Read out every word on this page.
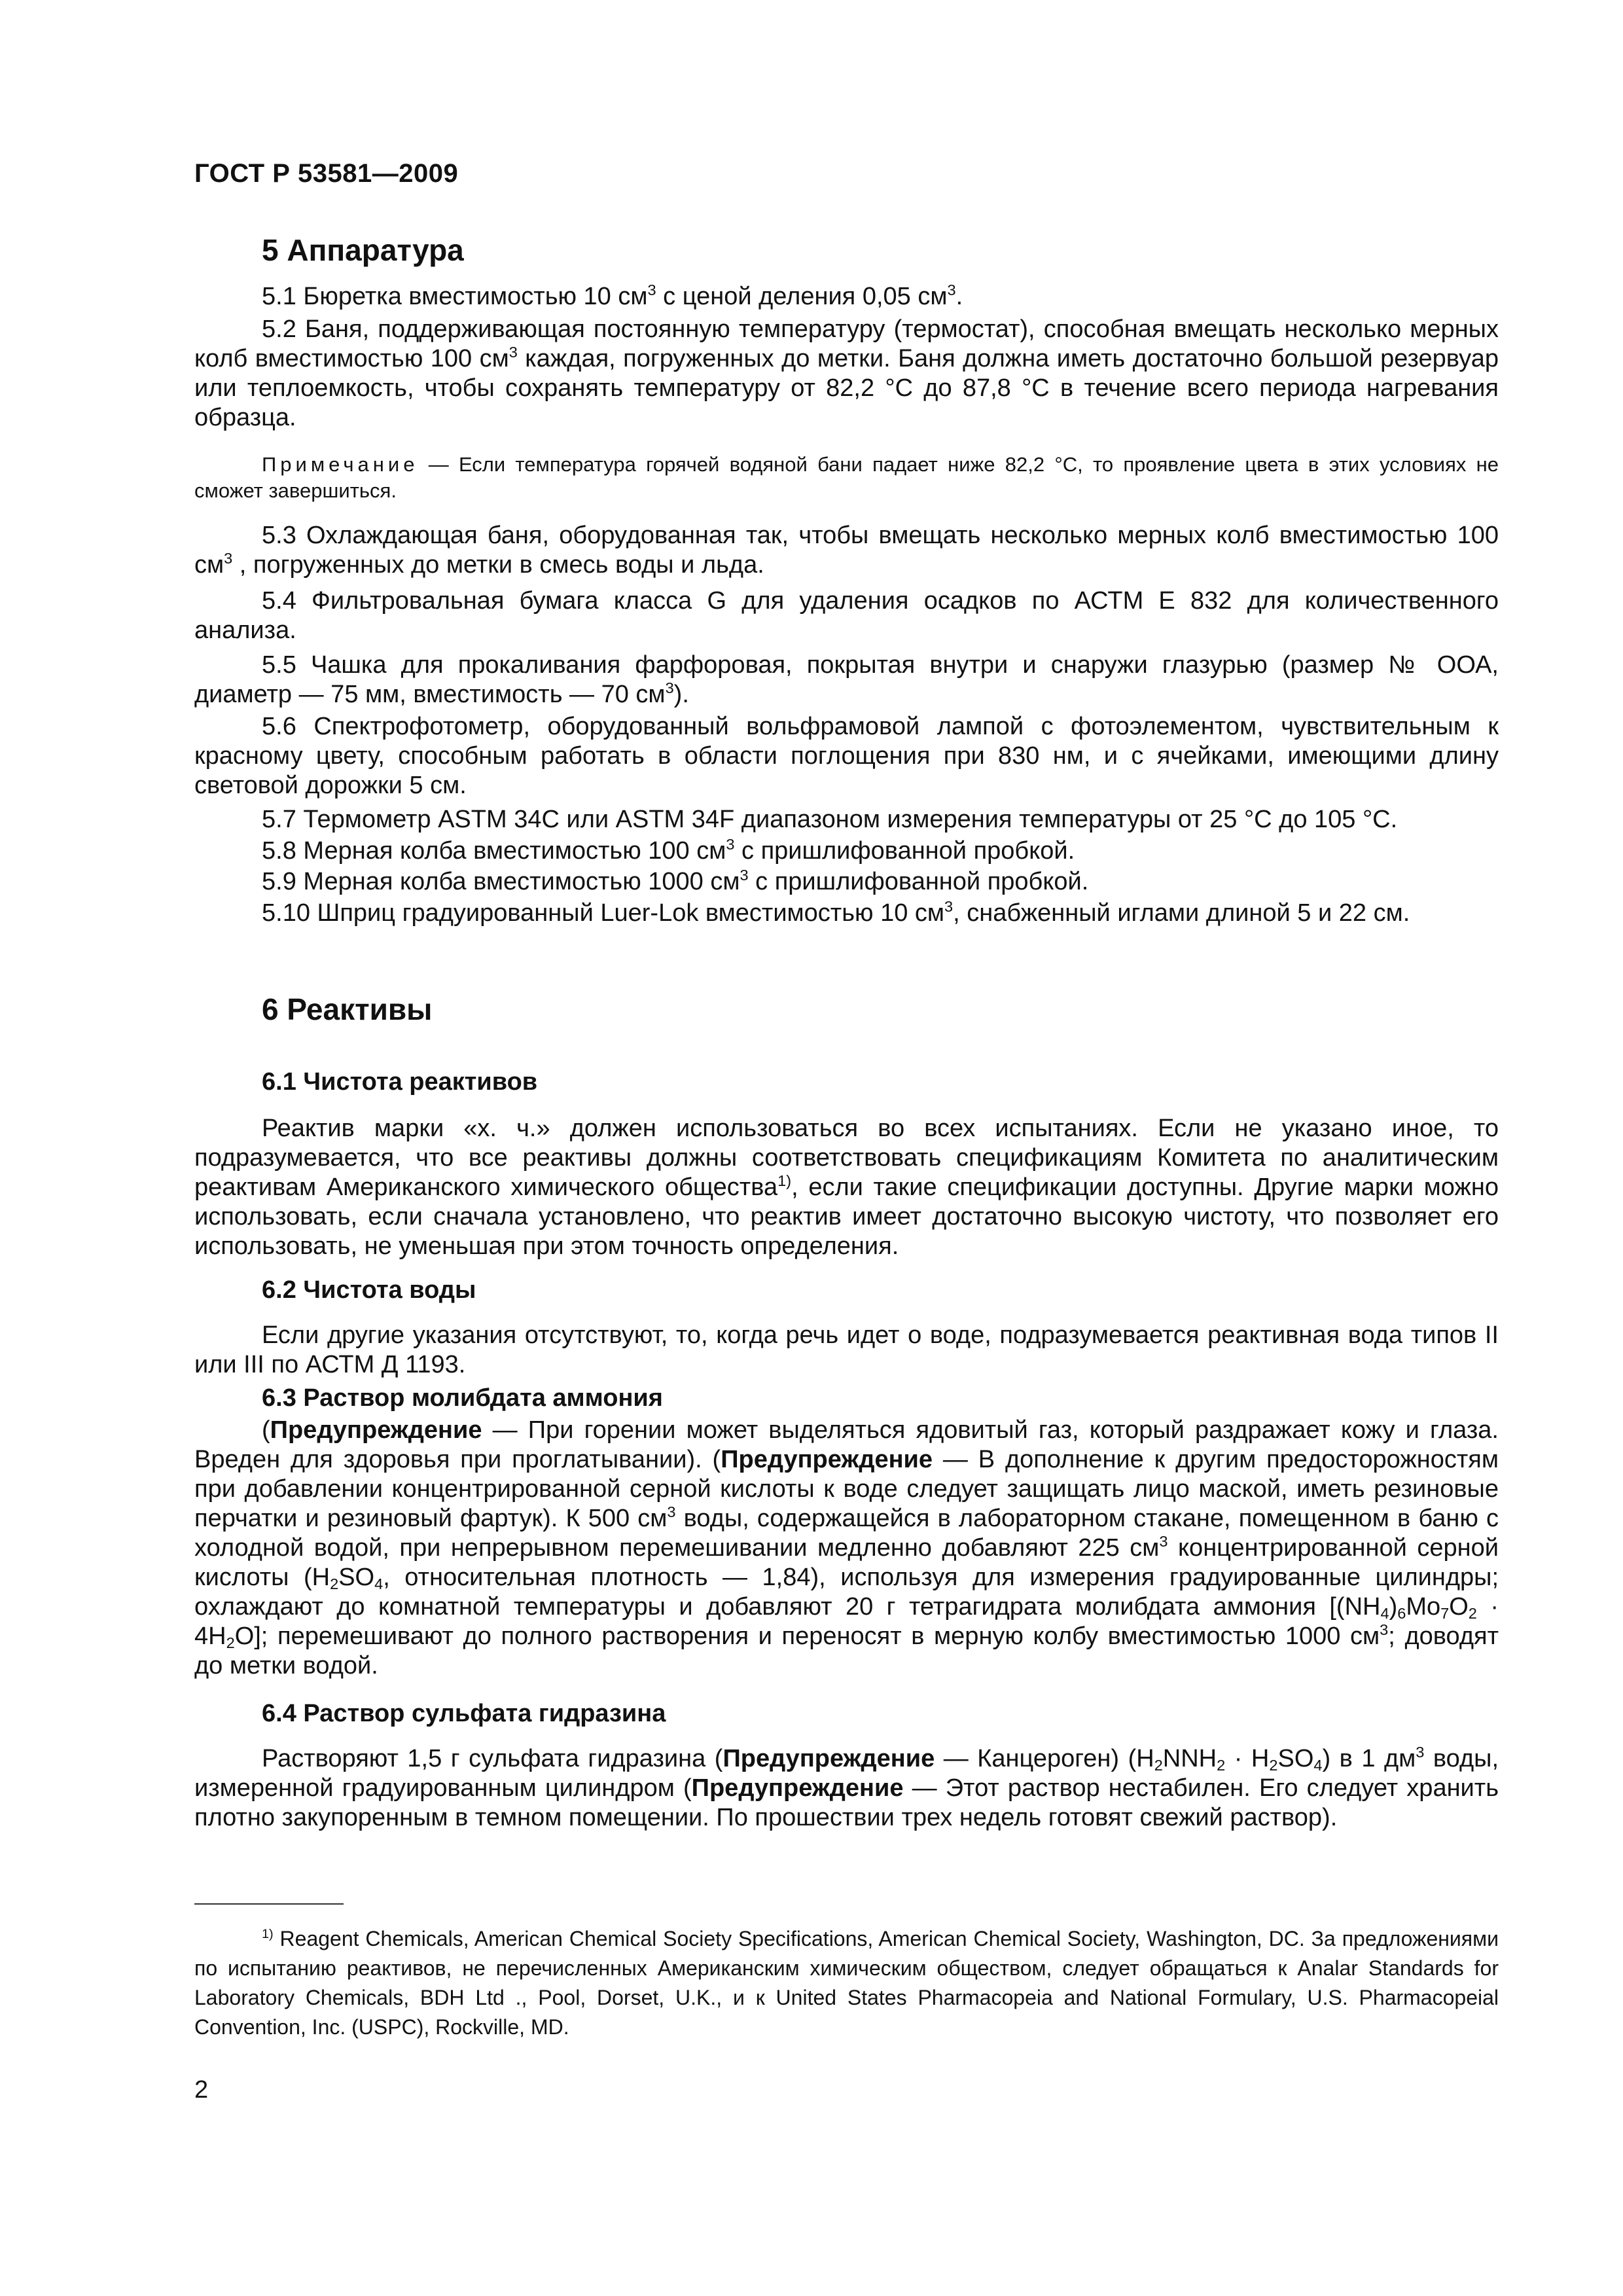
ГОСТ Р 53581—2009
5 Аппаратура
5.1 Бюретка вместимостью 10 $см^3$ с ценой деления 0,05 $см^3$.
5.2 Баня, поддерживающая постоянную температуру (термостат), способная вмещать несколько мерных колб вместимостью 100 $см^3$ каждая, погруженных до метки. Баня должна иметь достаточно большой резервуар или теплоемкость, чтобы сохранять температуру от 82,2 °С до 87,8 °С в течение всего периода нагревания образца.
Примечание — Если температура горячей водяной бани падает ниже 82,2 °С, то проявление цвета в этих условиях не сможет завершиться.
5.3 Охлаждающая баня, оборудованная так, чтобы вмещать несколько мерных колб вместимостью 100 $см^3$ , погруженных до метки в смесь воды и льда.
5.4 Фильтровальная бумага класса G для удаления осадков по АСТМ Е 832 для количественного анализа.
5.5 Чашка для прокаливания фарфоровая, покрытая внутри и снаружи глазурью (размер № ООА, диаметр — 75 мм, вместимость — 70 $см^3$).
5.6 Спектрофотометр, оборудованный вольфрамовой лампой с фотоэлементом, чувствительным к красному цвету, способным работать в области поглощения при 830 нм, и с ячейками, имеющими длину световой дорожки 5 см.
5.7 Термометр ASTM 34C или ASTM 34F диапазоном измерения температуры от 25 °С до 105 °С.
5.8 Мерная колба вместимостью 100 $см^3$ с пришлифованной пробкой.
5.9 Мерная колба вместимостью 1000 $см^3$ с пришлифованной пробкой.
5.10 Шприц градуированный Luer-Lok вместимостью 10 $см^3$, снабженный иглами длиной 5 и 22 см.
6 Реактивы
6.1 Чистота реактивов
Реактив марки «х. ч.» должен использоваться во всех испытаниях. Если не указано иное, то подразумевается, что все реактивы должны соответствовать спецификациям Комитета по аналитическим реактивам Американского химического общества$^{1)}$, если такие спецификации доступны. Другие марки можно использовать, если сначала установлено, что реактив имеет достаточно высокую чистоту, что позволяет его использовать, не уменьшая при этом точность определения.
6.2 Чистота воды
Если другие указания отсутствуют, то, когда речь идет о воде, подразумевается реактивная вода типов II или III по АСТМ Д 1193.
6.3 Раствор молибдата аммония
(Предупреждение — При горении может выделяться ядовитый газ, который раздражает кожу и глаза. Вреден для здоровья при проглатывании). (Предупреждение — В дополнение к другим предосторожностям при добавлении концентрированной серной кислоты к воде следует защищать лицо маской, иметь резиновые перчатки и резиновый фартук). К 500 $см^3$ воды, содержащейся в лабораторном стакане, помещенном в баню с холодной водой, при непрерывном перемешивании медленно добавляют 225 $см^3$ концентрированной серной кислоты ($H_2SO_4$, относительная плотность — 1,84), используя для измерения градуированные цилиндры; охлаждают до комнатной температуры и добавляют 20 г тетрагидрата молибдата аммония $[(NH_4)_6Mo_7O_2 \cdot 4H_2O]$; перемешивают до полного растворения и переносят в мерную колбу вместимостью 1000 $см^3$; доводят до метки водой.
6.4 Раствор сульфата гидразина
Растворяют 1,5 г сульфата гидразина (Предупреждение — Канцероген) $(H_2NNH_2 \cdot H_2SO_4)$ в 1 $дм^3$ воды, измеренной градуированным цилиндром (Предупреждение — Этот раствор нестабилен. Его следует хранить плотно закупоренным в темном помещении. По прошествии трех недель готовят свежий раствор).
$^{1)}$ Reagent Chemicals, American Chemical Society Specifications, American Chemical Society, Washington, DC. За предложениями по испытанию реактивов, не перечисленных Американским химическим обществом, следует обращаться к Analar Standards for Laboratory Chemicals, BDH Ltd ., Pool, Dorset, U.K., и к United States Pharmacopeia and National Formulary, U.S. Pharmacopeial Convention, Inc. (USPC), Rockville, MD.
2
